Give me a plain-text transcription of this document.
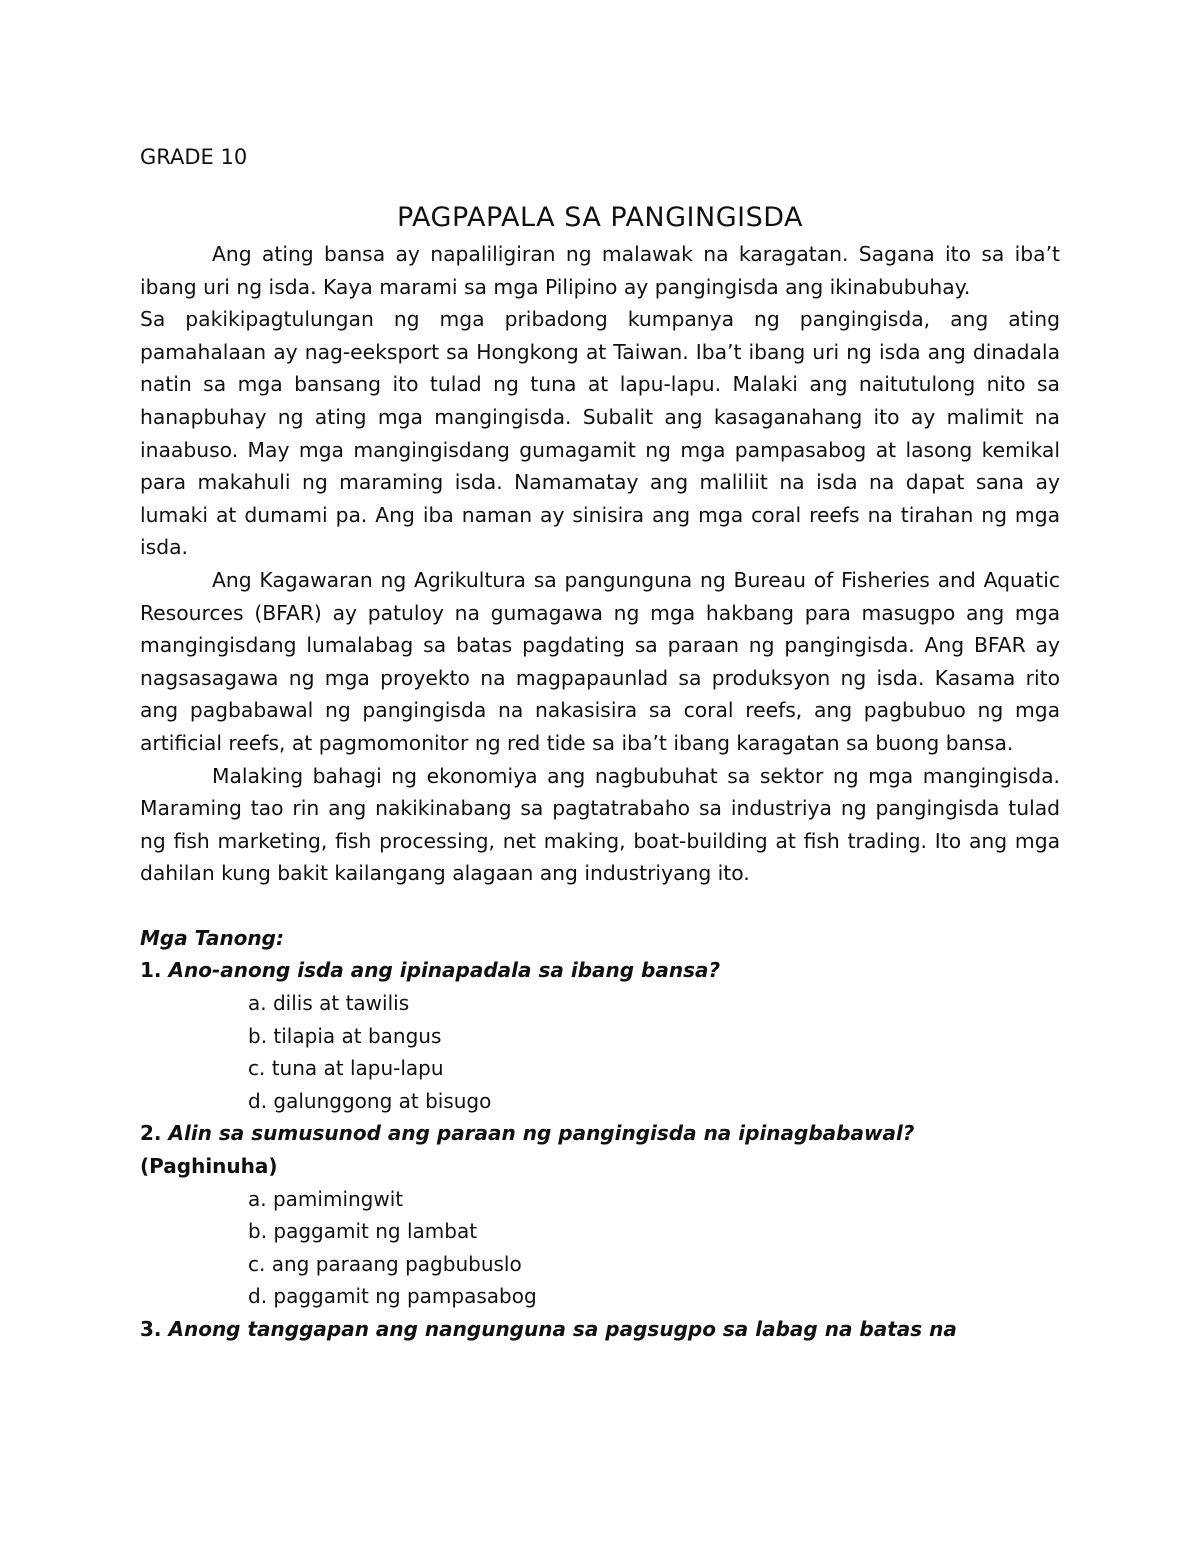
GRADE 10

PAGPAPALA SA PANGINGISDA

Ang ating bansa ay napaliligiran ng malawak na karagatan. Sagana ito sa iba’t ibang uri ng isda. Kaya marami sa mga Pilipino ay pangingisda ang ikinabubuhay.

Sa pakikipagtulungan ng mga pribadong kumpanya ng pangingisda, ang ating pamahalaan ay nag-eeksport sa Hongkong at Taiwan. Iba’t ibang uri ng isda ang dinadala natin sa mga bansang ito tulad ng tuna at lapu-lapu. Malaki ang naitutulong nito sa hanapbuhay ng ating mga mangingisda. Subalit ang kasaganahang ito ay malimit na inaabuso. May mga mangingisdang gumagamit ng mga pampasabog at lasong kemikal para makahuli ng maraming isda. Namamatay ang maliliit na isda na dapat sana ay lumaki at dumami pa. Ang iba naman ay sinisira ang mga coral reefs na tirahan ng mga isda.

Ang Kagawaran ng Agrikultura sa pangunguna ng Bureau of Fisheries and Aquatic Resources (BFAR) ay patuloy na gumagawa ng mga hakbang para masugpo ang mga mangingisdang lumalabag sa batas pagdating sa paraan ng pangingisda. Ang BFAR ay nagsasagawa ng mga proyekto na magpapaunlad sa produksyon ng isda. Kasama rito ang pagbabawal ng pangingisda na nakasisira sa coral reefs, ang pagbubuo ng mga artificial reefs, at pagmomonitor ng red tide sa iba’t ibang karagatan sa buong bansa.

Malaking bahagi ng ekonomiya ang nagbubuhat sa sektor ng mga mangingisda. Maraming tao rin ang nakikinabang sa pagtatrabaho sa industriya ng pangingisda tulad ng fish marketing, fish processing, net making, boat-building at fish trading. Ito ang mga dahilan kung bakit kailangang alagaan ang industriyang ito.

Mga Tanong:

1. Ano-anong isda ang ipinapadala sa ibang bansa?

a. dilis at tawilis
b. tilapia at bangus
c. tuna at lapu-lapu
d. galunggong at bisugo

2. Alin sa sumusunod ang paraan ng pangingisda na ipinagbabawal?

(Paghinuha)

a. pamimingwit
b. paggamit ng lambat
c. ang paraang pagbubuslo
d. paggamit ng pampasabog

3. Anong tanggapan ang nangunguna sa pagsugpo sa labag na batas na
